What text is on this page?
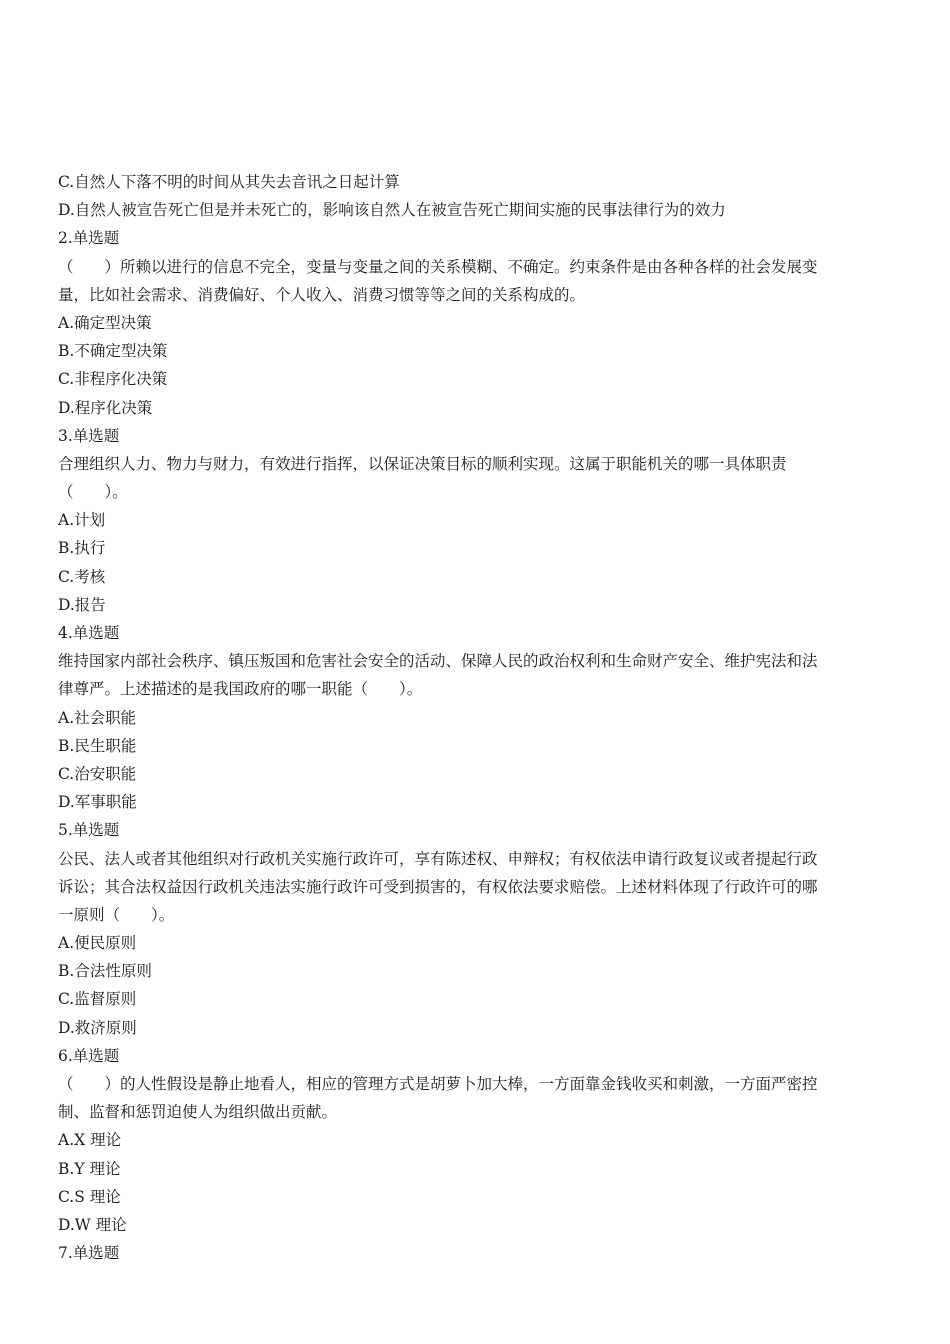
C.自然人下落不明的时间从其失去音讯之日起计算
D.自然人被宣告死亡但是并未死亡的，影响该自然人在被宣告死亡期间实施的民事法律行为的效力
2.单选题
（　　）所赖以进行的信息不完全，变量与变量之间的关系模糊、不确定。约束条件是由各种各样的社会发展变
量，比如社会需求、消费偏好、个人收入、消费习惯等等之间的关系构成的。
A.确定型决策
B.不确定型决策
C.非程序化决策
D.程序化决策
3.单选题
合理组织人力、物力与财力，有效进行指挥，以保证决策目标的顺利实现。这属于职能机关的哪一具体职责
（　　）。
A.计划
B.执行
C.考核
D.报告
4.单选题
维持国家内部社会秩序、镇压叛国和危害社会安全的活动、保障人民的政治权利和生命财产安全、维护宪法和法
律尊严。上述描述的是我国政府的哪一职能（　　）。
A.社会职能
B.民生职能
C.治安职能
D.军事职能
5.单选题
公民、法人或者其他组织对行政机关实施行政许可，享有陈述权、申辩权；有权依法申请行政复议或者提起行政
诉讼；其合法权益因行政机关违法实施行政许可受到损害的，有权依法要求赔偿。上述材料体现了行政许可的哪
一原则（　　）。
A.便民原则
B.合法性原则
C.监督原则
D.救济原则
6.单选题
（　　）的人性假设是静止地看人，相应的管理方式是胡萝卜加大棒，一方面靠金钱收买和刺激，一方面严密控
制、监督和惩罚迫使人为组织做出贡献。
A.X 理论
B.Y 理论
C.S 理论
D.W 理论
7.单选题
